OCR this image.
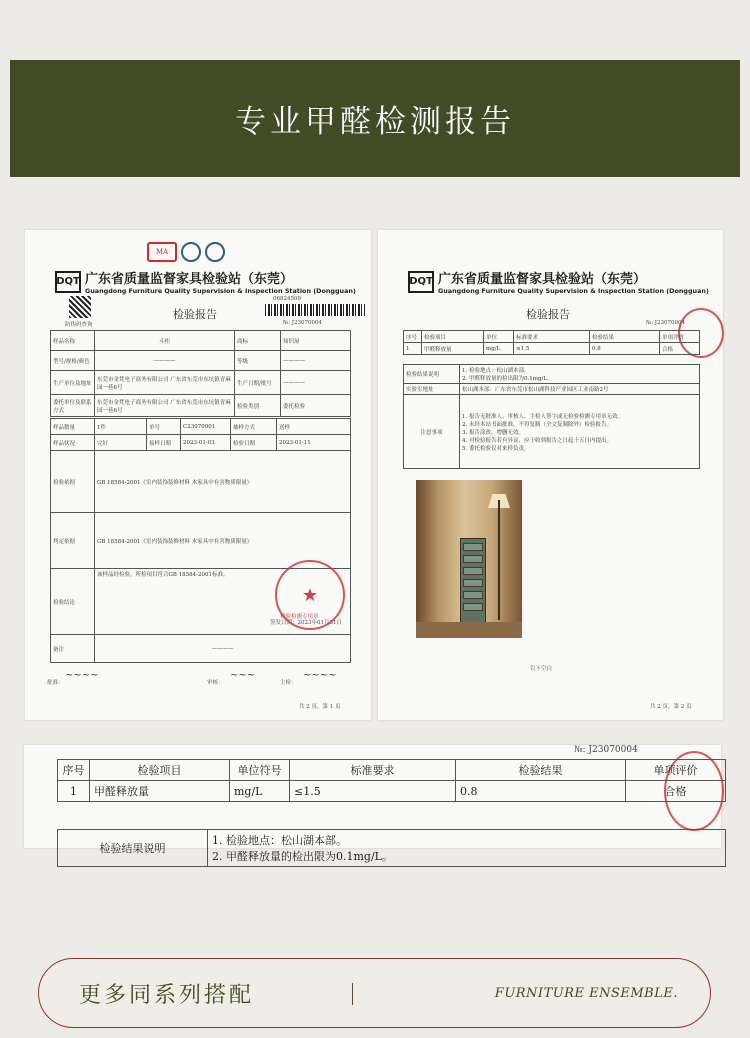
专业甲醛检测报告
MA
DQT 广东省质量监督家具检验站（东莞）
Guangdong Furniture Quality Supervision & Inspection Station (Dongguan)
防伪码查询
检验报告
06824509
№: J23070004
样品名称	斗柜	商标	知识屋
型号/规格/颜色	————	等级	————
生产单位及地址	东莞市金梵电子商务有限公司 广东省东莞市东坑镇青麻园一巷6号	生产日期/批号	————
委托单位及联系方式	东莞市金梵电子商务有限公司 广东省东莞市东坑镇青麻园一巷6号	检验类别	委托检验
样品数量	1件	单号	C23070001	抽样方式	送样
样品状况	完好	接样日期	2023-01-03	检验日期	2023-01-11
检验依据	GB 18584-2001《室内装饰装修材料 木家具中有害物质限量》
判定依据	GB 18584-2001《室内装饰装修材料 木家具中有害物质限量》
检验结论	该样品经检验，所检项目符合GB 18584-2001标准。

备注	————
签发日期：2023年01月31日
★
检验检测专用章
批准：
~~~~
审核：
~~~
主检：
~~~~
共 2 页，第 1 页
DQT 广东省质量监督家具检验站（东莞）
Guangdong Furniture Quality Supervision & Inspection Station (Dongguan)
检验报告
№: J23070004
序号	检验项目	单位	标准要求	检验结果	单项评价
1	甲醛释放量	mg/L	≤1.5	0.8	合格
检验结果说明	1. 检验地点：松山湖本部。
2. 甲醛释放量的检出限为0.1mg/L。

实验室地址	松山湖本部：广东省东莞市松山湖科技产业园区工业南路2号
注意事项	1. 报告无批准人、审核人、主检人签字或无检验检测专用章无效。
2. 未经本站书面批准，不得复制（全文复制除外）检验报告。
3. 报告涂改、增删无效。
4. 对检验报告若有异议，应于收到报告之日起十五日内提出。
5. 委托检验仅对来样负责。
以下空白
共 2 页，第 2 页
№: J23070004
序号	检验项目	单位符号	标准要求	检验结果	单项评价
1	甲醛释放量	mg/L	≤1.5	0.8	合格
检验结果说明	
1. 检验地点：松山湖本部。
2. 甲醛释放量的检出限为0.1mg/L。
更多同系列搭配	FURNITURE ENSEMBLE.
